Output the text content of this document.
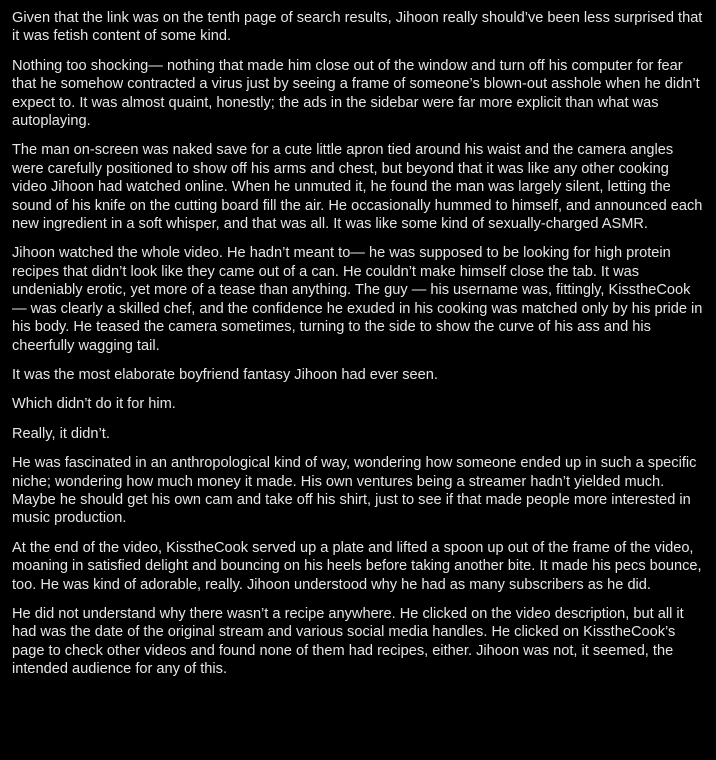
Given that the link was on the tenth page of search results, Jihoon really should’ve been less surprised that it was fetish content of some kind.

Nothing too shocking— nothing that made him close out of the window and turn off his computer for fear that he somehow contracted a virus just by seeing a frame of someone’s blown-out asshole when he didn’t expect to. It was almost quaint, honestly; the ads in the sidebar were far more explicit than what was autoplaying.

The man on-screen was naked save for a cute little apron tied around his waist and the camera angles were carefully positioned to show off his arms and chest, but beyond that it was like any other cooking video Jihoon had watched online. When he unmuted it, he found the man was largely silent, letting the sound of his knife on the cutting board fill the air. He occasionally hummed to himself, and announced each new ingredient in a soft whisper, and that was all. It was like some kind of sexually-charged ASMR.

Jihoon watched the whole video. He hadn’t meant to— he was supposed to be looking for high protein recipes that didn’t look like they came out of a can. He couldn’t make himself close the tab. It was undeniably erotic, yet more of a tease than anything. The guy — his username was, fittingly, KisstheCook — was clearly a skilled chef, and the confidence he exuded in his cooking was matched only by his pride in his body. He teased the camera sometimes, turning to the side to show the curve of his ass and his cheerfully wagging tail.

It was the most elaborate boyfriend fantasy Jihoon had ever seen.

Which didn’t do it for him.

Really, it didn’t.

He was fascinated in an anthropological kind of way, wondering how someone ended up in such a specific niche; wondering how much money it made. His own ventures being a streamer hadn’t yielded much. Maybe he should get his own cam and take off his shirt, just to see if that made people more interested in music production.

At the end of the video, KisstheCook served up a plate and lifted a spoon up out of the frame of the video, moaning in satisfied delight and bouncing on his heels before taking another bite. It made his pecs bounce, too. He was kind of adorable, really. Jihoon understood why he had as many subscribers as he did.

He did not understand why there wasn’t a recipe anywhere. He clicked on the video description, but all it had was the date of the original stream and various social media handles. He clicked on KisstheCook’s page to check other videos and found none of them had recipes, either. Jihoon was not, it seemed, the intended audience for any of this.
